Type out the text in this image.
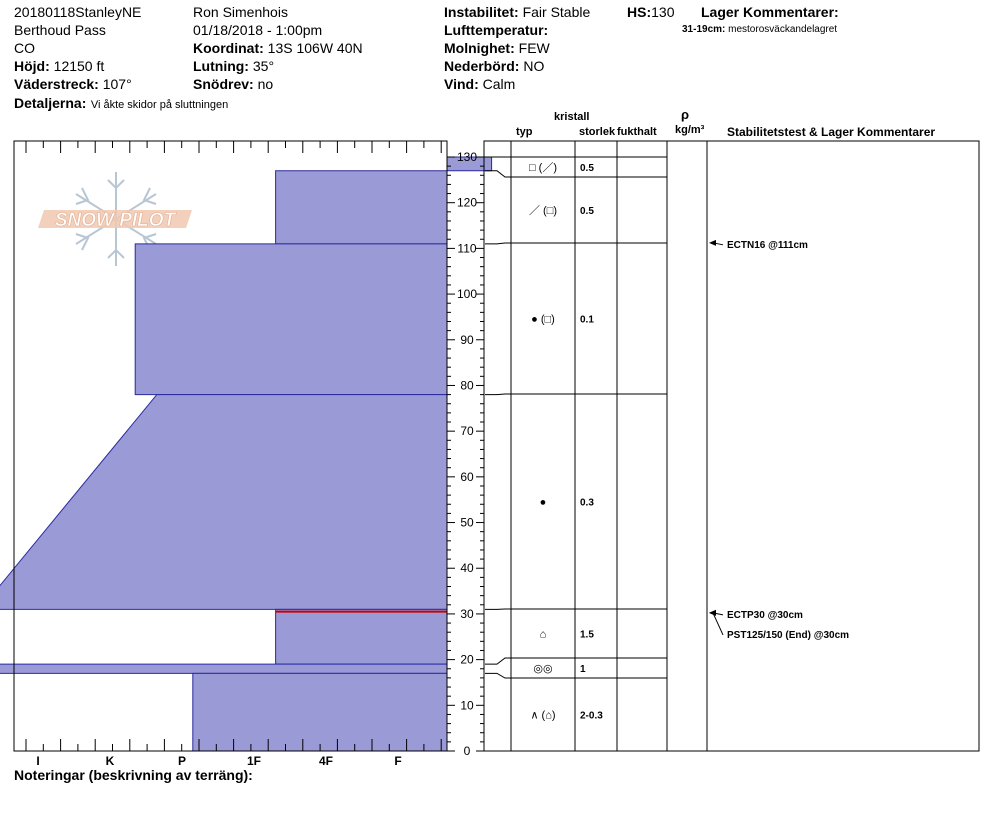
20180118StanleyNE
Berthoud Pass
CO
Höjd: 12150 ft
Väderstreck: 107°
Detaljerna: Vi åkte skidor på sluttningen
Ron Simenhois
01/18/2018 - 1:00pm
Koordinat: 13S 106W 40N
Lutning: 35°
Snödrev: no
Instabilitet: Fair Stable	HS:130
Lufttemperatur:
Molnighet: FEW
Nederbörd: NO
Vind: Calm
Lager Kommentarer:
31-19cm: mestorosväckandelagret
kristall
typ	storlek fukthalt
ρ
kg/m³ Stabilitetstest & Lager Kommentarer
Noteringar (beskrivning av terräng):
SNOW PILOT
I	K	P	1F	4F	F
0
10
20
30
40
50
60
70
80
90
100
110
120
130
□ (／) 0.5
／ (□) 0.5
● (□)	0.1
●	0.3
⌂	1.5
◎◎	1
∧ (⌂) 2-0.3
ECTN16 @111cm
ECTP30 @30cm
PST125/150 (End) @30cm
